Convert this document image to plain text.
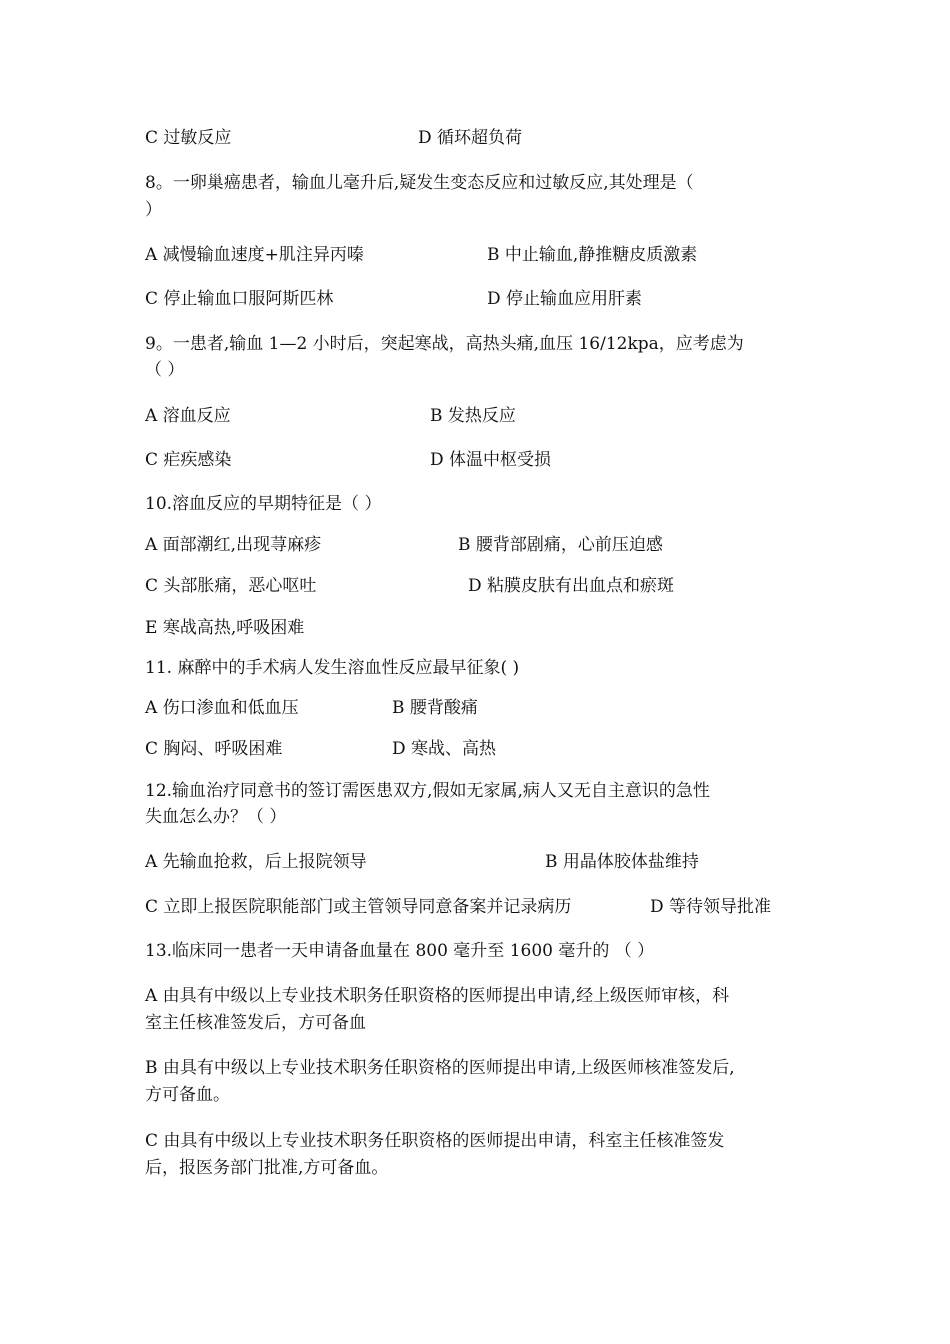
C 过敏反应	D 循环超负荷
8。一卵巢癌患者，输血儿毫升后,疑发生变态反应和过敏反应,其处理是（
）
A 减慢输血速度+肌注异丙嗪	B 中止输血,静推糖皮质激素
C 停止输血口服阿斯匹林	D 停止输血应用肝素
9。一患者,输血 1—2 小时后，突起寒战，高热头痛,血压 16/12kpa，应考虑为
（ ）
A 溶血反应	B 发热反应
C 疟疾感染	D 体温中枢受损
10.溶血反应的早期特征是（ ）
A 面部潮红,出现荨麻疹	B 腰背部剧痛，心前压迫感
C 头部胀痛，恶心呕吐	D 粘膜皮肤有出血点和瘀斑
E 寒战高热,呼吸困难
11. 麻醉中的手术病人发生溶血性反应最早征象( )
A 伤口渗血和低血压	B 腰背酸痛
C 胸闷、呼吸困难	D 寒战、高热
12.输血治疗同意书的签订需医患双方,假如无家属,病人又无自主意识的急性
失血怎么办？（ ）
A 先输血抢救，后上报院领导	B 用晶体胶体盐维持
C 立即上报医院职能部门或主管领导同意备案并记录病历	D 等待领导批准
13.临床同一患者一天申请备血量在 800 毫升至 1600 毫升的 （ ）
A 由具有中级以上专业技术职务任职资格的医师提出申请,经上级医师审核，科
室主任核准签发后，方可备血
B 由具有中级以上专业技术职务任职资格的医师提出申请,上级医师核准签发后,
方可备血。
C 由具有中级以上专业技术职务任职资格的医师提出申请，科室主任核准签发
后，报医务部门批准,方可备血。
